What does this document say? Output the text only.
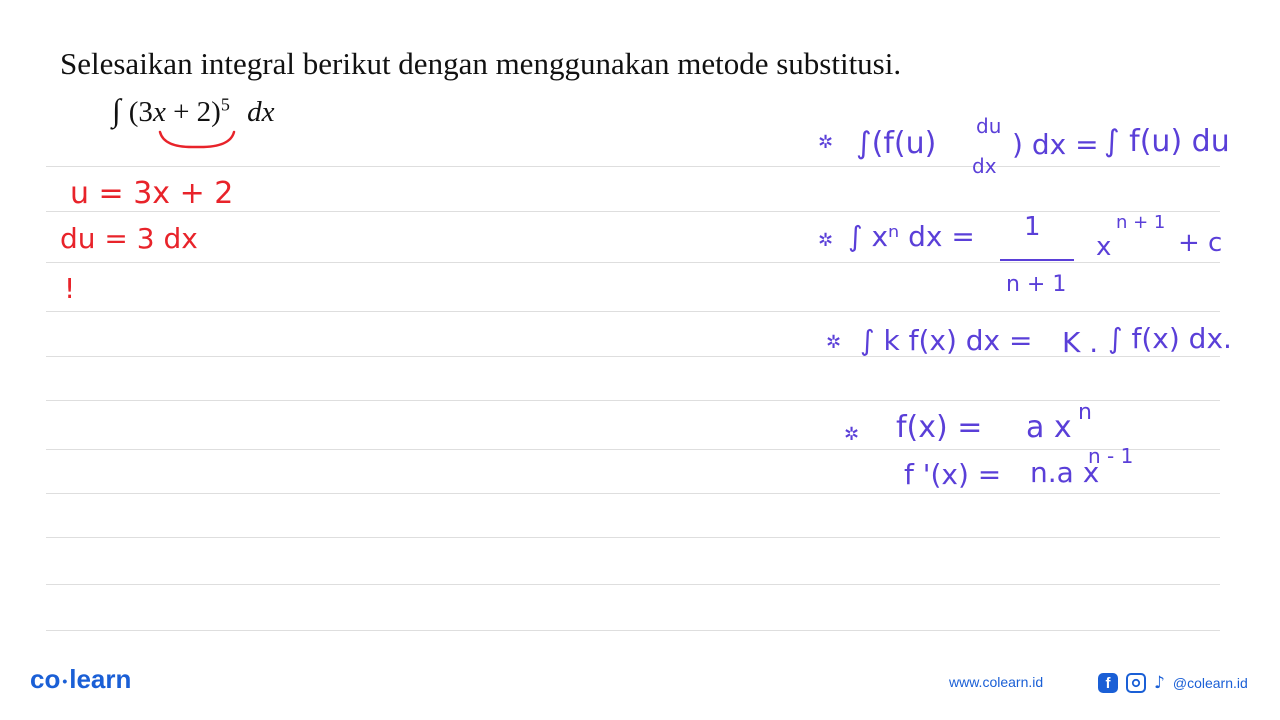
Selesaikan integral berikut dengan menggunakan metode substitusi.
∫ $(3x + 2)^5$ dx
u = 3x + 2
du = 3 dx
!
✲ ∫(f(u) du
dx
) dx = ∫ f(u) du
✲ ∫ xⁿ dx = 1
n + 1
x
n + 1
+ c
✲ ∫ k f(x) dx = K . ∫ f(x) dx.
✲ f(x) = a x n
f '(x) = n.a x
n - 1
co •learn	www.colearn.id	f	♪ @colearn.id
